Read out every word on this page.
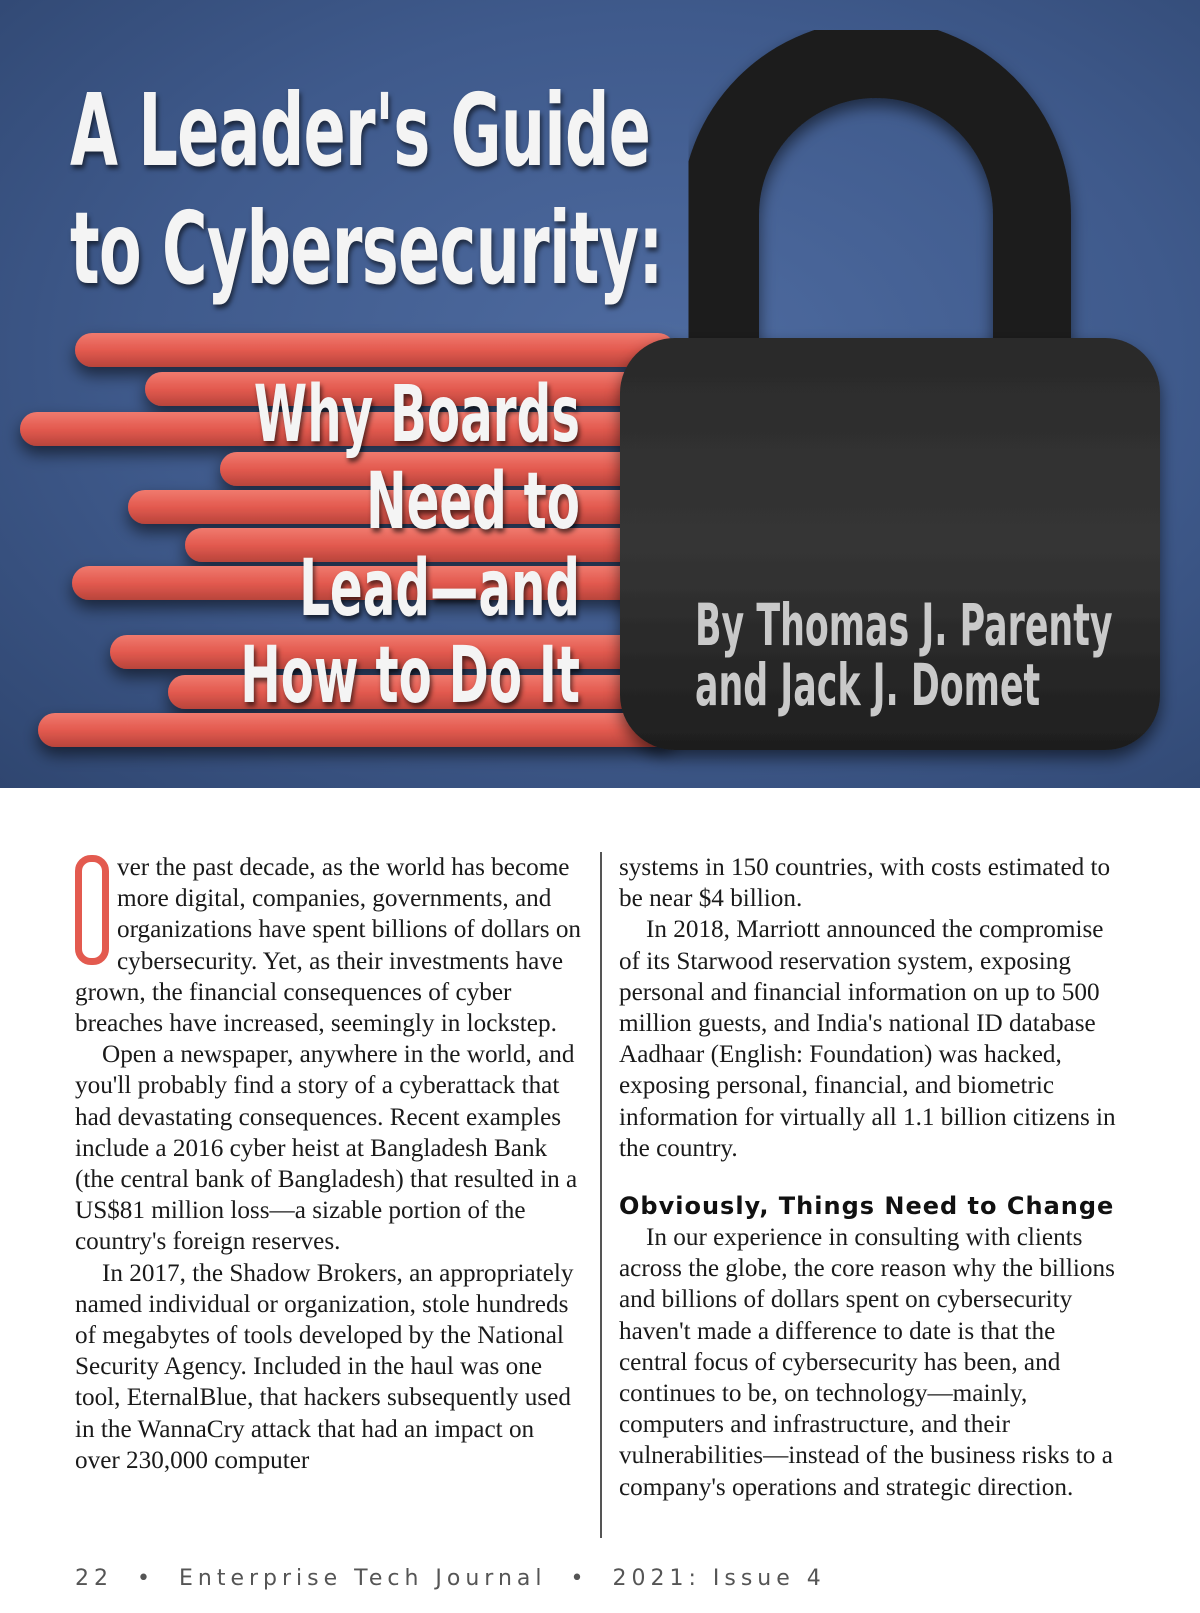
A Leader's Guide
to Cybersecurity:
Why Boards
Need to
Lead—and
How to Do It
By Thomas J. Parenty
and Jack J. Domet

ver the past decade, as the world has become more digital, companies, governments, and organizations have spent billions of dollars on cybersecurity. Yet, as their investments have grown, the financial consequences of cyber breaches have increased, seemingly in lockstep.

Open a newspaper, anywhere in the world, and you'll probably find a story of a cyberattack that had devastating consequences. Recent examples include a 2016 cyber heist at Bangladesh Bank (the central bank of Bangladesh) that resulted in a US$81 million loss—a sizable portion of the country's foreign reserves.

In 2017, the Shadow Brokers, an appropriately named individual or organization, stole hundreds of megabytes of tools developed by the National Security Agency. Included in the haul was one tool, EternalBlue, that hackers subsequently used in the WannaCry attack that had an impact on over 230,000 computer

systems in 150 countries, with costs estimated to be near $4 billion.

In 2018, Marriott announced the compromise of its Starwood reservation system, exposing personal and financial information on up to 500 million guests, and India's national ID database Aadhaar (English: Foundation) was hacked, exposing personal, financial, and biometric information for virtually all 1.1 billion citizens in the country.

Obviously, Things Need to Change

In our experience in consulting with clients across the globe, the core reason why the billions and billions of dollars spent on cybersecurity haven't made a difference to date is that the central focus of cybersecurity has been, and continues to be, on technology—mainly, computers and infrastructure, and their vulnerabilities—instead of the business risks to a company's operations and strategic direction.

22 • Enterprise Tech Journal • 2021: Issue 4
